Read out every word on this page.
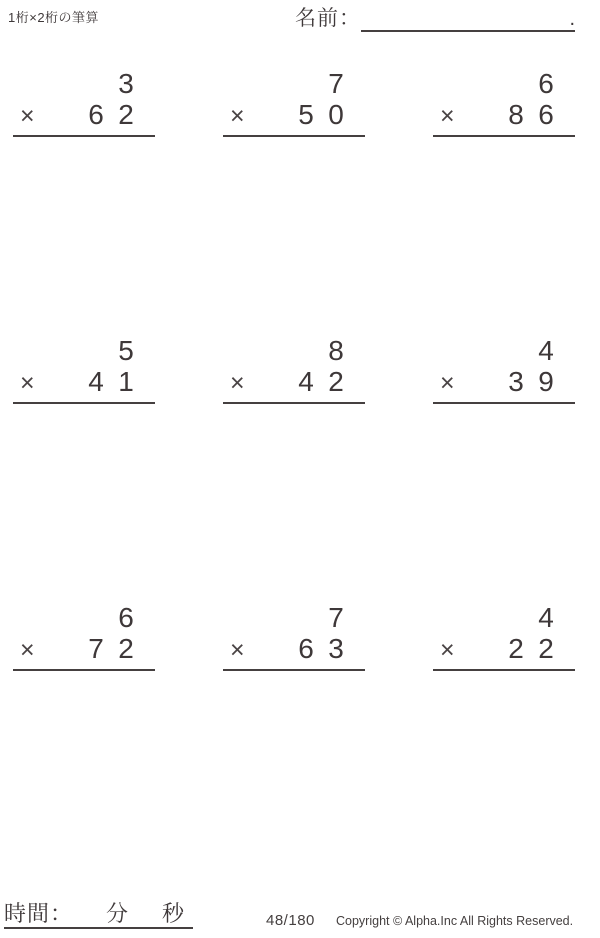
1桁×2桁の筆算	名前：	.
3
× 6 2
7
× 5 0
6
× 8 6
5
× 4 1
8
× 4 2
4
× 3 9
6
× 7 2
7
× 6 3
4
× 2 2
時間： 分 秒	48/180 Copyright © Alpha.Inc All Rights Reserved.
